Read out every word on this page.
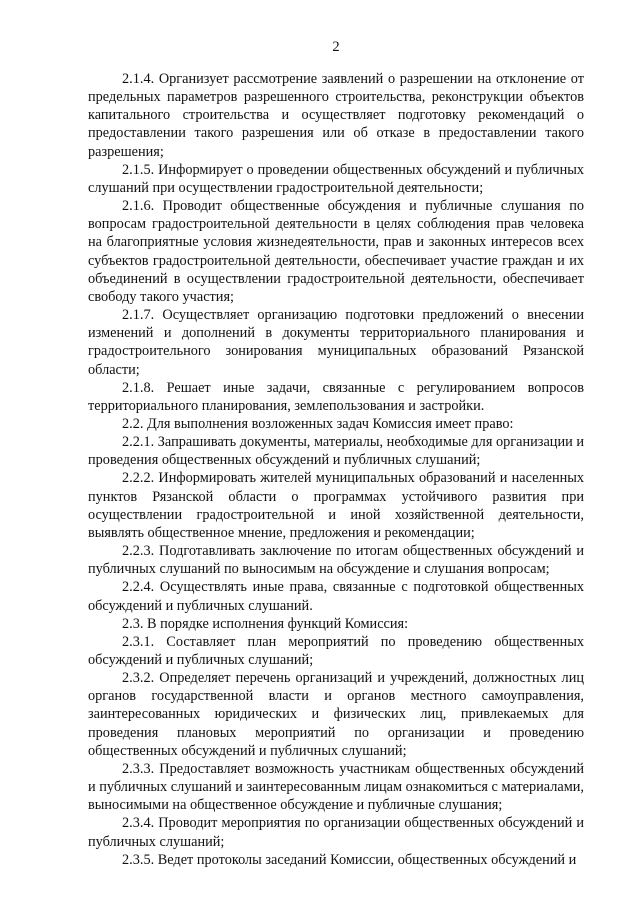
2

2.1.4. Организует рассмотрение заявлений о разрешении на отклонение от предельных параметров разрешенного строительства, реконструкции объектов капитального строительства и осуществляет подготовку рекомендаций о предоставлении такого разрешения или об отказе в предоставлении такого разрешения;

2.1.5. Информирует о проведении общественных обсуждений и публичных слушаний при осуществлении градостроительной деятельности;

2.1.6. Проводит общественные обсуждения и публичные слушания по вопросам градостроительной деятельности в целях соблюдения прав человека на благоприятные условия жизнедеятельности, прав и законных интересов всех субъектов градостроительной деятельности, обеспечивает участие граждан и их объединений в осуществлении градостроительной деятельности, обеспечивает свободу такого участия;

2.1.7. Осуществляет организацию подготовки предложений о внесении изменений и дополнений в документы территориального планирования и градостроительного зонирования муниципальных образований Рязанской области;

2.1.8. Решает иные задачи, связанные с регулированием вопросов территориального планирования, землепользования и застройки.

2.2. Для выполнения возложенных задач Комиссия имеет право:

2.2.1. Запрашивать документы, материалы, необходимые для организации и проведения общественных обсуждений и публичных слушаний;

2.2.2. Информировать жителей муниципальных образований и населенных пунктов Рязанской области о программах устойчивого развития при осуществлении градостроительной и иной хозяйственной деятельности, выявлять общественное мнение, предложения и рекомендации;

2.2.3. Подготавливать заключение по итогам общественных обсуждений и публичных слушаний по выносимым на обсуждение и слушания вопросам;

2.2.4. Осуществлять иные права, связанные с подготовкой общественных обсуждений и публичных слушаний.

2.3. В порядке исполнения функций Комиссия:

2.3.1. Составляет план мероприятий по проведению общественных обсуждений и публичных слушаний;

2.3.2. Определяет перечень организаций и учреждений, должностных лиц органов государственной власти и органов местного самоуправления, заинтересованных юридических и физических лиц, привлекаемых для проведения плановых мероприятий по организации и проведению общественных обсуждений и публичных слушаний;

2.3.3. Предоставляет возможность участникам общественных обсуждений и публичных слушаний и заинтересованным лицам ознакомиться с материалами, выносимыми на общественное обсуждение и публичные слушания;

2.3.4. Проводит мероприятия по организации общественных обсуждений и публичных слушаний;

2.3.5. Ведет протоколы заседаний Комиссии, общественных обсуждений и
